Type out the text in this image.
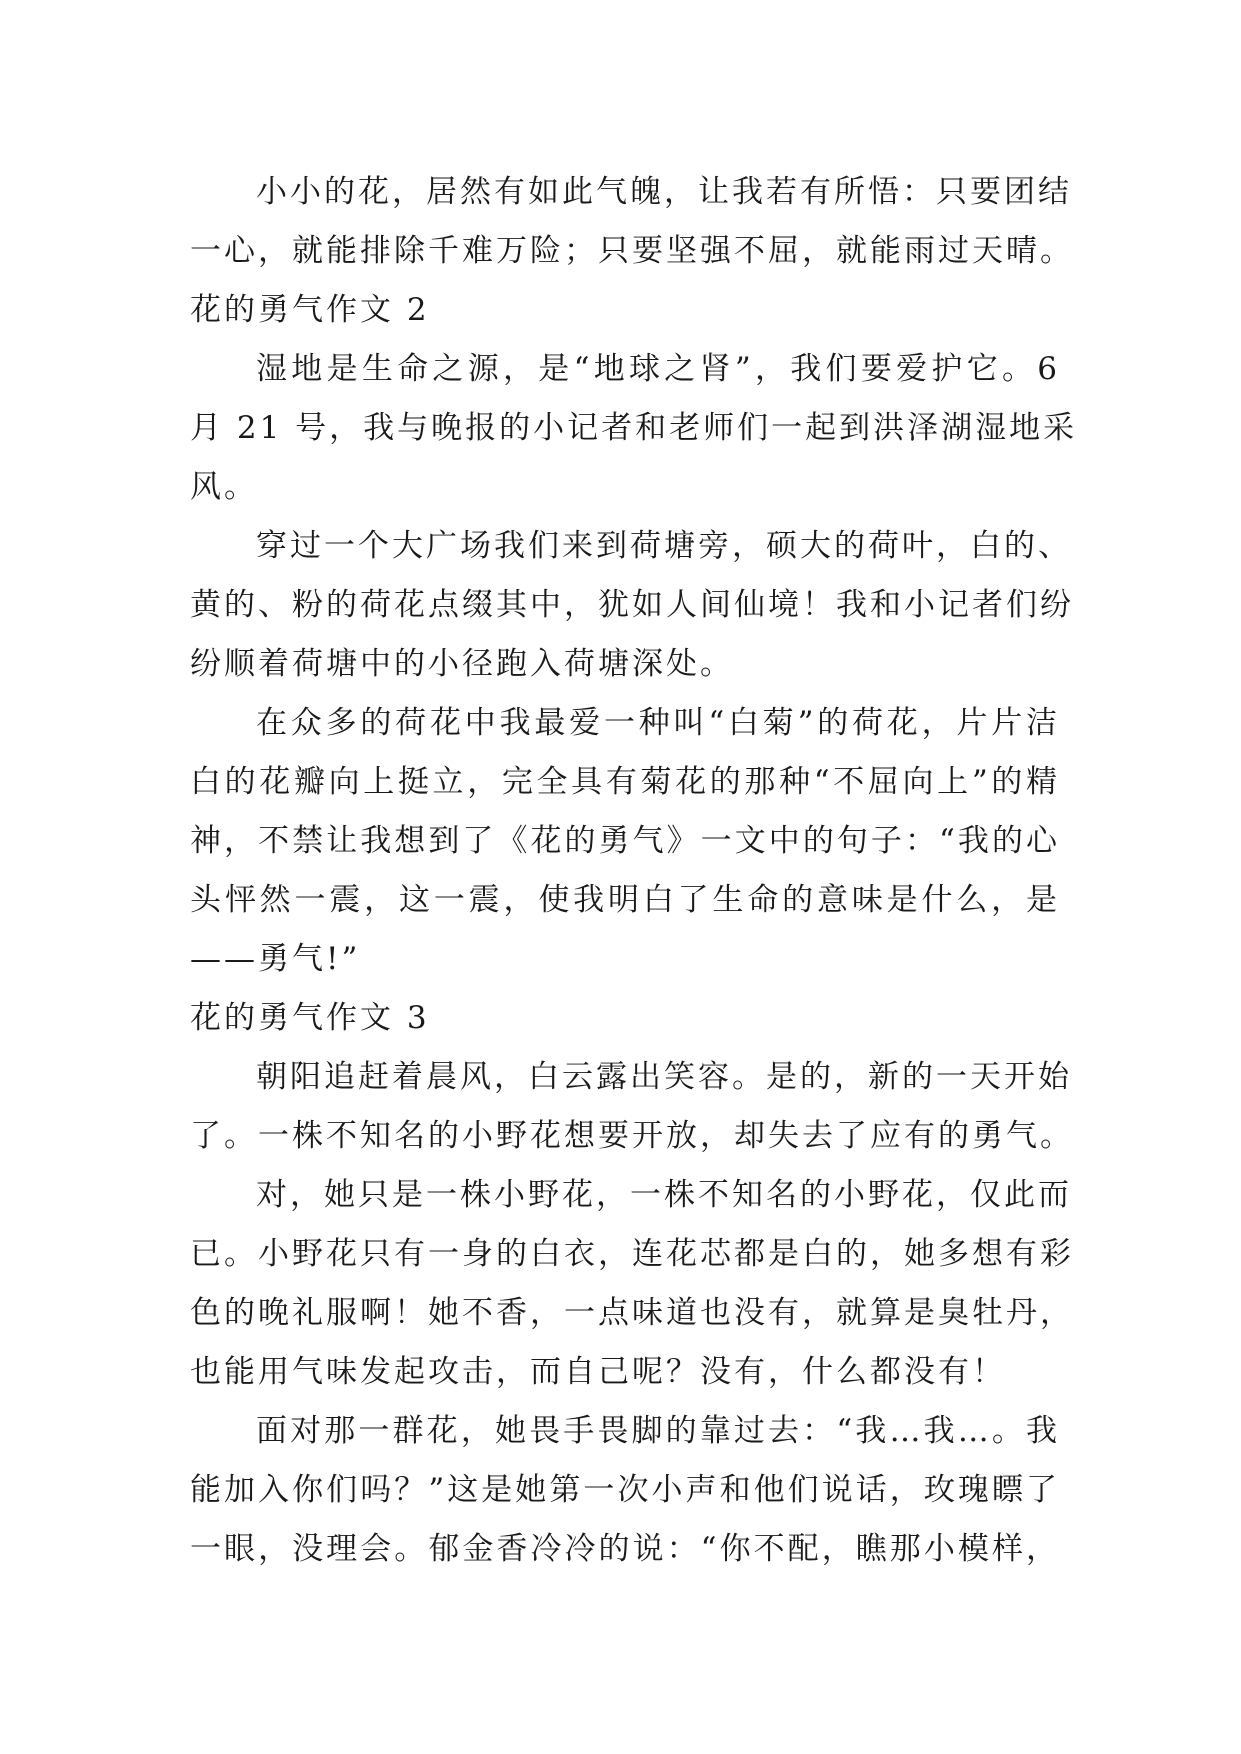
小小的花，居然有如此气魄，让我若有所悟：只要团结
一心，就能排除千难万险；只要坚强不屈，就能雨过天晴。
花的勇气作文 2
湿地是生命之源，是“地球之肾”，我们要爱护它。6
月 21 号，我与晚报的小记者和老师们一起到洪泽湖湿地采
风。
穿过一个大广场我们来到荷塘旁，硕大的荷叶，白的、
黄的、粉的荷花点缀其中，犹如人间仙境！我和小记者们纷
纷顺着荷塘中的小径跑入荷塘深处。
在众多的荷花中我最爱一种叫“白菊”的荷花，片片洁
白的花瓣向上挺立，完全具有菊花的那种“不屈向上”的精
神，不禁让我想到了《花的勇气》一文中的句子：“我的心
头怦然一震，这一震，使我明白了生命的意味是什么，是
——勇气!”
花的勇气作文 3
朝阳追赶着晨风，白云露出笑容。是的，新的一天开始
了。一株不知名的小野花想要开放，却失去了应有的勇气。
对，她只是一株小野花，一株不知名的小野花，仅此而
已。小野花只有一身的白衣，连花芯都是白的，她多想有彩
色的晚礼服啊！她不香，一点味道也没有，就算是臭牡丹，
也能用气味发起攻击，而自己呢？没有，什么都没有！
面对那一群花，她畏手畏脚的靠过去：“我…我…。我
能加入你们吗？”这是她第一次小声和他们说话，玫瑰瞟了
一眼，没理会。郁金香冷冷的说：“你不配，瞧那小模样，
